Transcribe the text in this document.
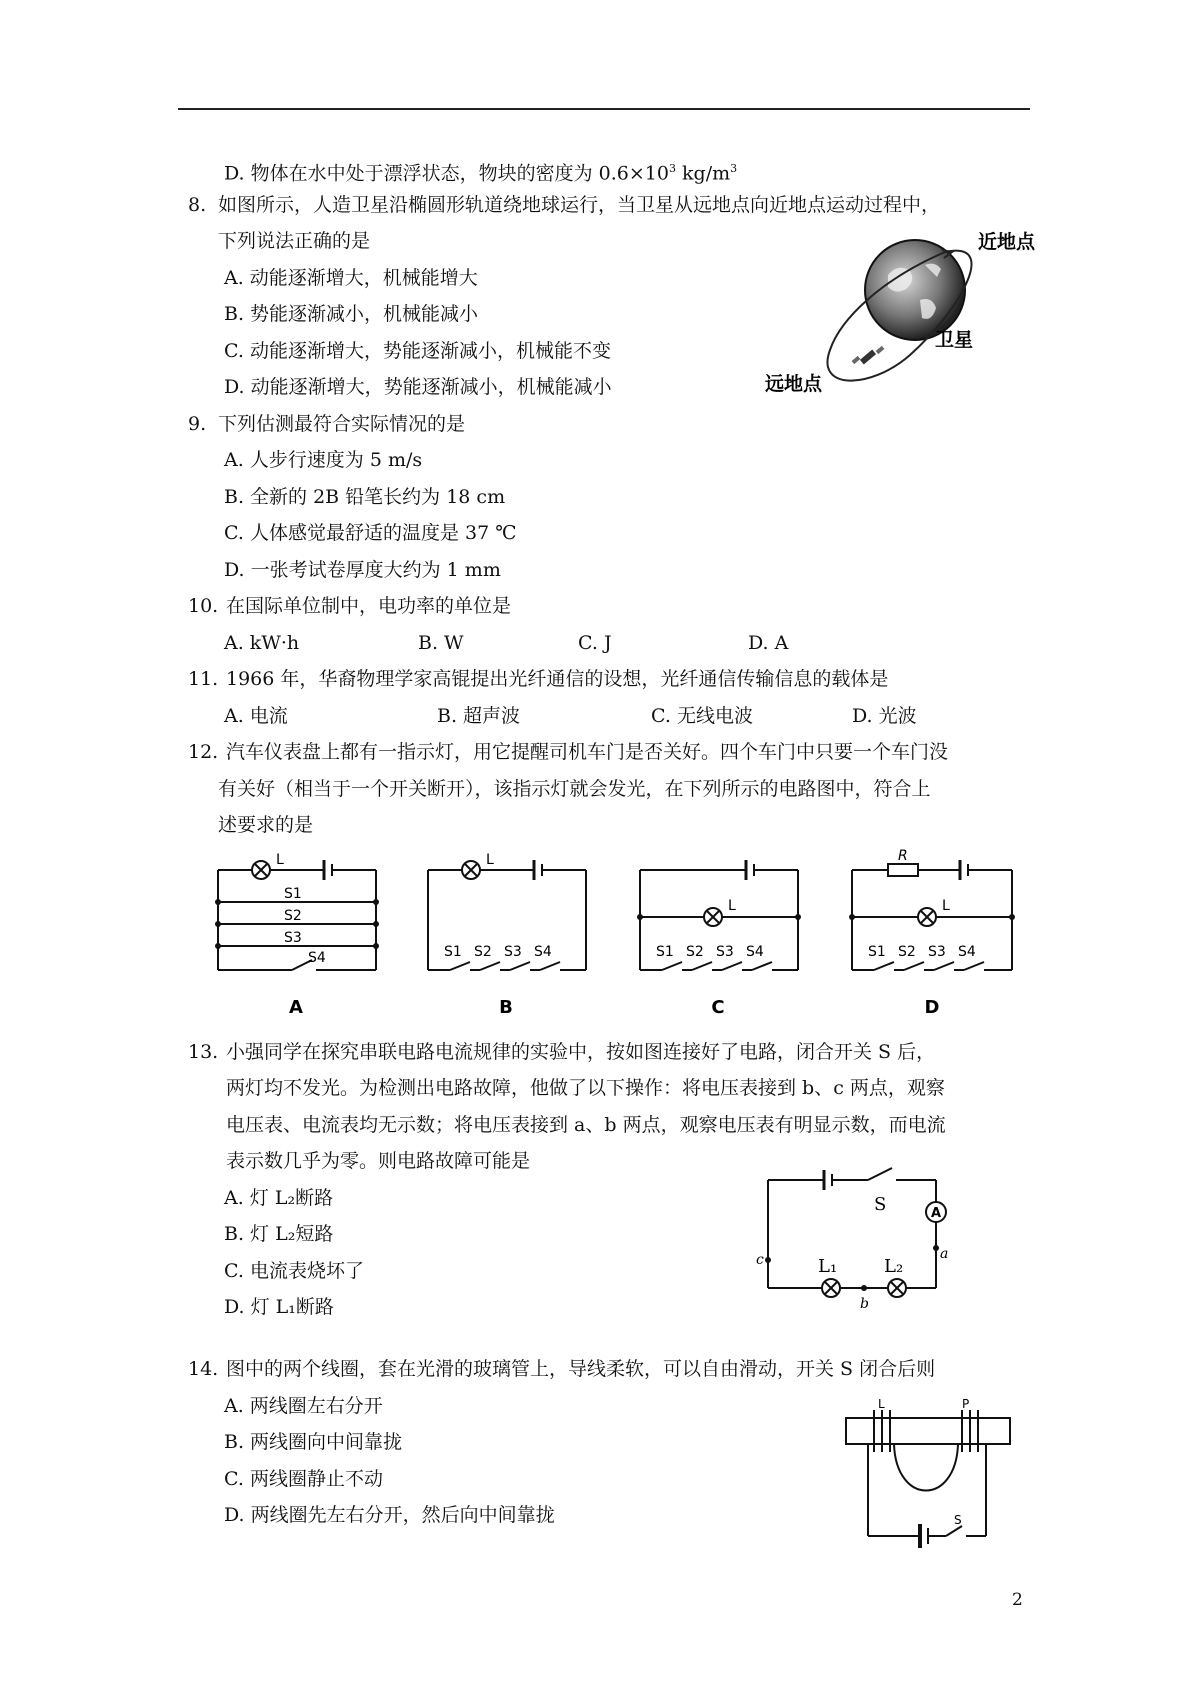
D. 物体在水中处于漂浮状态，物块的密度为 $0.6\times 10^3$ $kg/m^3$
8. 如图所示，人造卫星沿椭圆形轨道绕地球运行，当卫星从远地点向近地点运动过程中，
下列说法正确的是
A. 动能逐渐增大，机械能增大
B. 势能逐渐减小，机械能减小
C. 动能逐渐增大，势能逐渐减小，机械能不变
D. 动能逐渐增大，势能逐渐减小，机械能减小
近地点
卫星
远地点
9. 下列估测最符合实际情况的是
A. 人步行速度为 5 m/s
B. 全新的 2B 铅笔长约为 18 cm
C. 人体感觉最舒适的温度是 37 ℃
D. 一张考试卷厚度大约为 1 mm
10. 在国际单位制中，电功率的单位是
A. kW·h	B. W	C. J	D. A
11. 1966 年，华裔物理学家高锟提出光纤通信的设想，光纤通信传输信息的载体是
A. 电流	B. 超声波	C. 无线电波	D. 光波
12. 汽车仪表盘上都有一指示灯，用它提醒司机车门是否关好。四个车门中只要一个车门没
有关好（相当于一个开关断开），该指示灯就会发光，在下列所示的电路图中，符合上
述要求的是
L
S1
S2
S3
S4
A
L
S1 S2 S3 S4
B
L
S1 S2 S3 S4
C
R
L
S1 S2 S3 S4
D
13. 小强同学在探究串联电路电流规律的实验中，按如图连接好了电路，闭合开关 S 后，
两灯均不发光。为检测出电路故障，他做了以下操作：将电压表接到 b、c 两点，观察
电压表、电流表均无示数；将电压表接到 a、b 两点，观察电压表有明显示数，而电流
表示数几乎为零。则电路故障可能是
A. 灯 L₂断路
B. 灯 L₂短路
C. 电流表烧坏了
D. 灯 L₁断路
A
S
a
b
c	L₁	L₂
14. 图中的两个线圈，套在光滑的玻璃管上，导线柔软，可以自由滑动，开关 S 闭合后则
A. 两线圈左右分开
B. 两线圈向中间靠拢
C. 两线圈静止不动
D. 两线圈先左右分开，然后向中间靠拢
L	P
S
2
